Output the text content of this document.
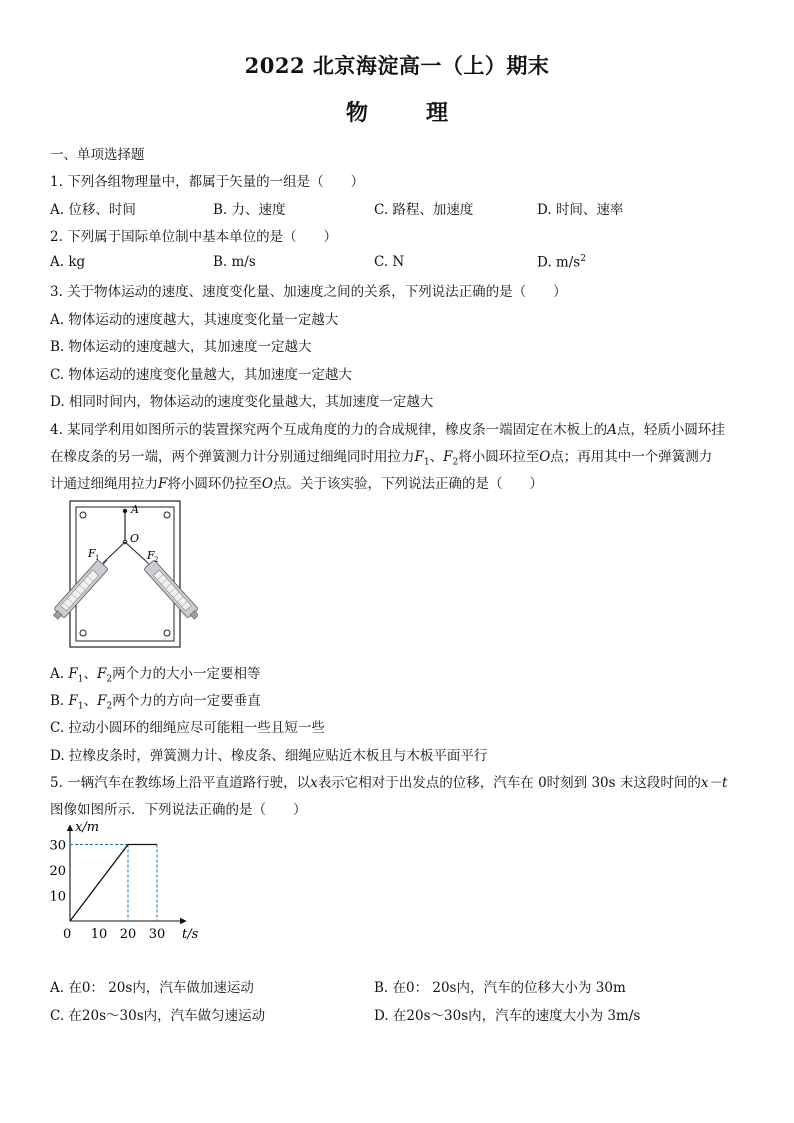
2022 北京海淀高一（上）期末
物	理
一、单项选择题
1. 下列各组物理量中，都属于矢量的一组是（　　）
A. 位移、时间	B. 力、速度	C. 路程、加速度	D. 时间、速率
2. 下列属于国际单位制中基本单位的是（　　）
A. kg	B. m/s	C. N	D. $m/s^2$
3. 关于物体运动的速度、速度变化量、加速度之间的关系，下列说法正确的是（　　）
A. 物体运动的速度越大，其速度变化量一定越大
B. 物体运动的速度越大，其加速度一定越大
C. 物体运动的速度变化量越大，其加速度一定越大
D. 相同时间内，物体运动的速度变化量越大，其加速度一定越大
4. 某同学利用如图所示的装置探究两个互成角度的力的合成规律，橡皮条一端固定在木板上的A点，轻质小圆环挂
在橡皮条的另一端，两个弹簧测力计分别通过细绳同时用拉力$F_1$、$F_2$将小圆环拉至O点；再用其中一个弹簧测力
计通过细绳用拉力F将小圆环仍拉至O点。关于该实验，下列说法正确的是（　　）
A
O
F 1	F 2
A. $F_1$、$F_2$两个力的大小一定要相等
B. $F_1$、$F_2$两个力的方向一定要垂直
C. 拉动小圆环的细绳应尽可能粗一些且短一些
D. 拉橡皮条时，弹簧测力计、橡皮条、细绳应贴近木板且与木板平面平行
5. 一辆汽车在教练场上沿平直道路行驶，以x表示它相对于出发点的位移，汽车在 0时刻到 30s 末这段时间的x－t
图像如图所示．下列说法正确的是（　　）
10 20 30
10
20
30
x/m
t/s
0
A. 在0： 20s内，汽车做加速运动	B. 在0： 20s内，汽车的位移大小为 30m
C. 在20s～30s内，汽车做匀速运动	D. 在20s～30s内，汽车的速度大小为 3m/s
